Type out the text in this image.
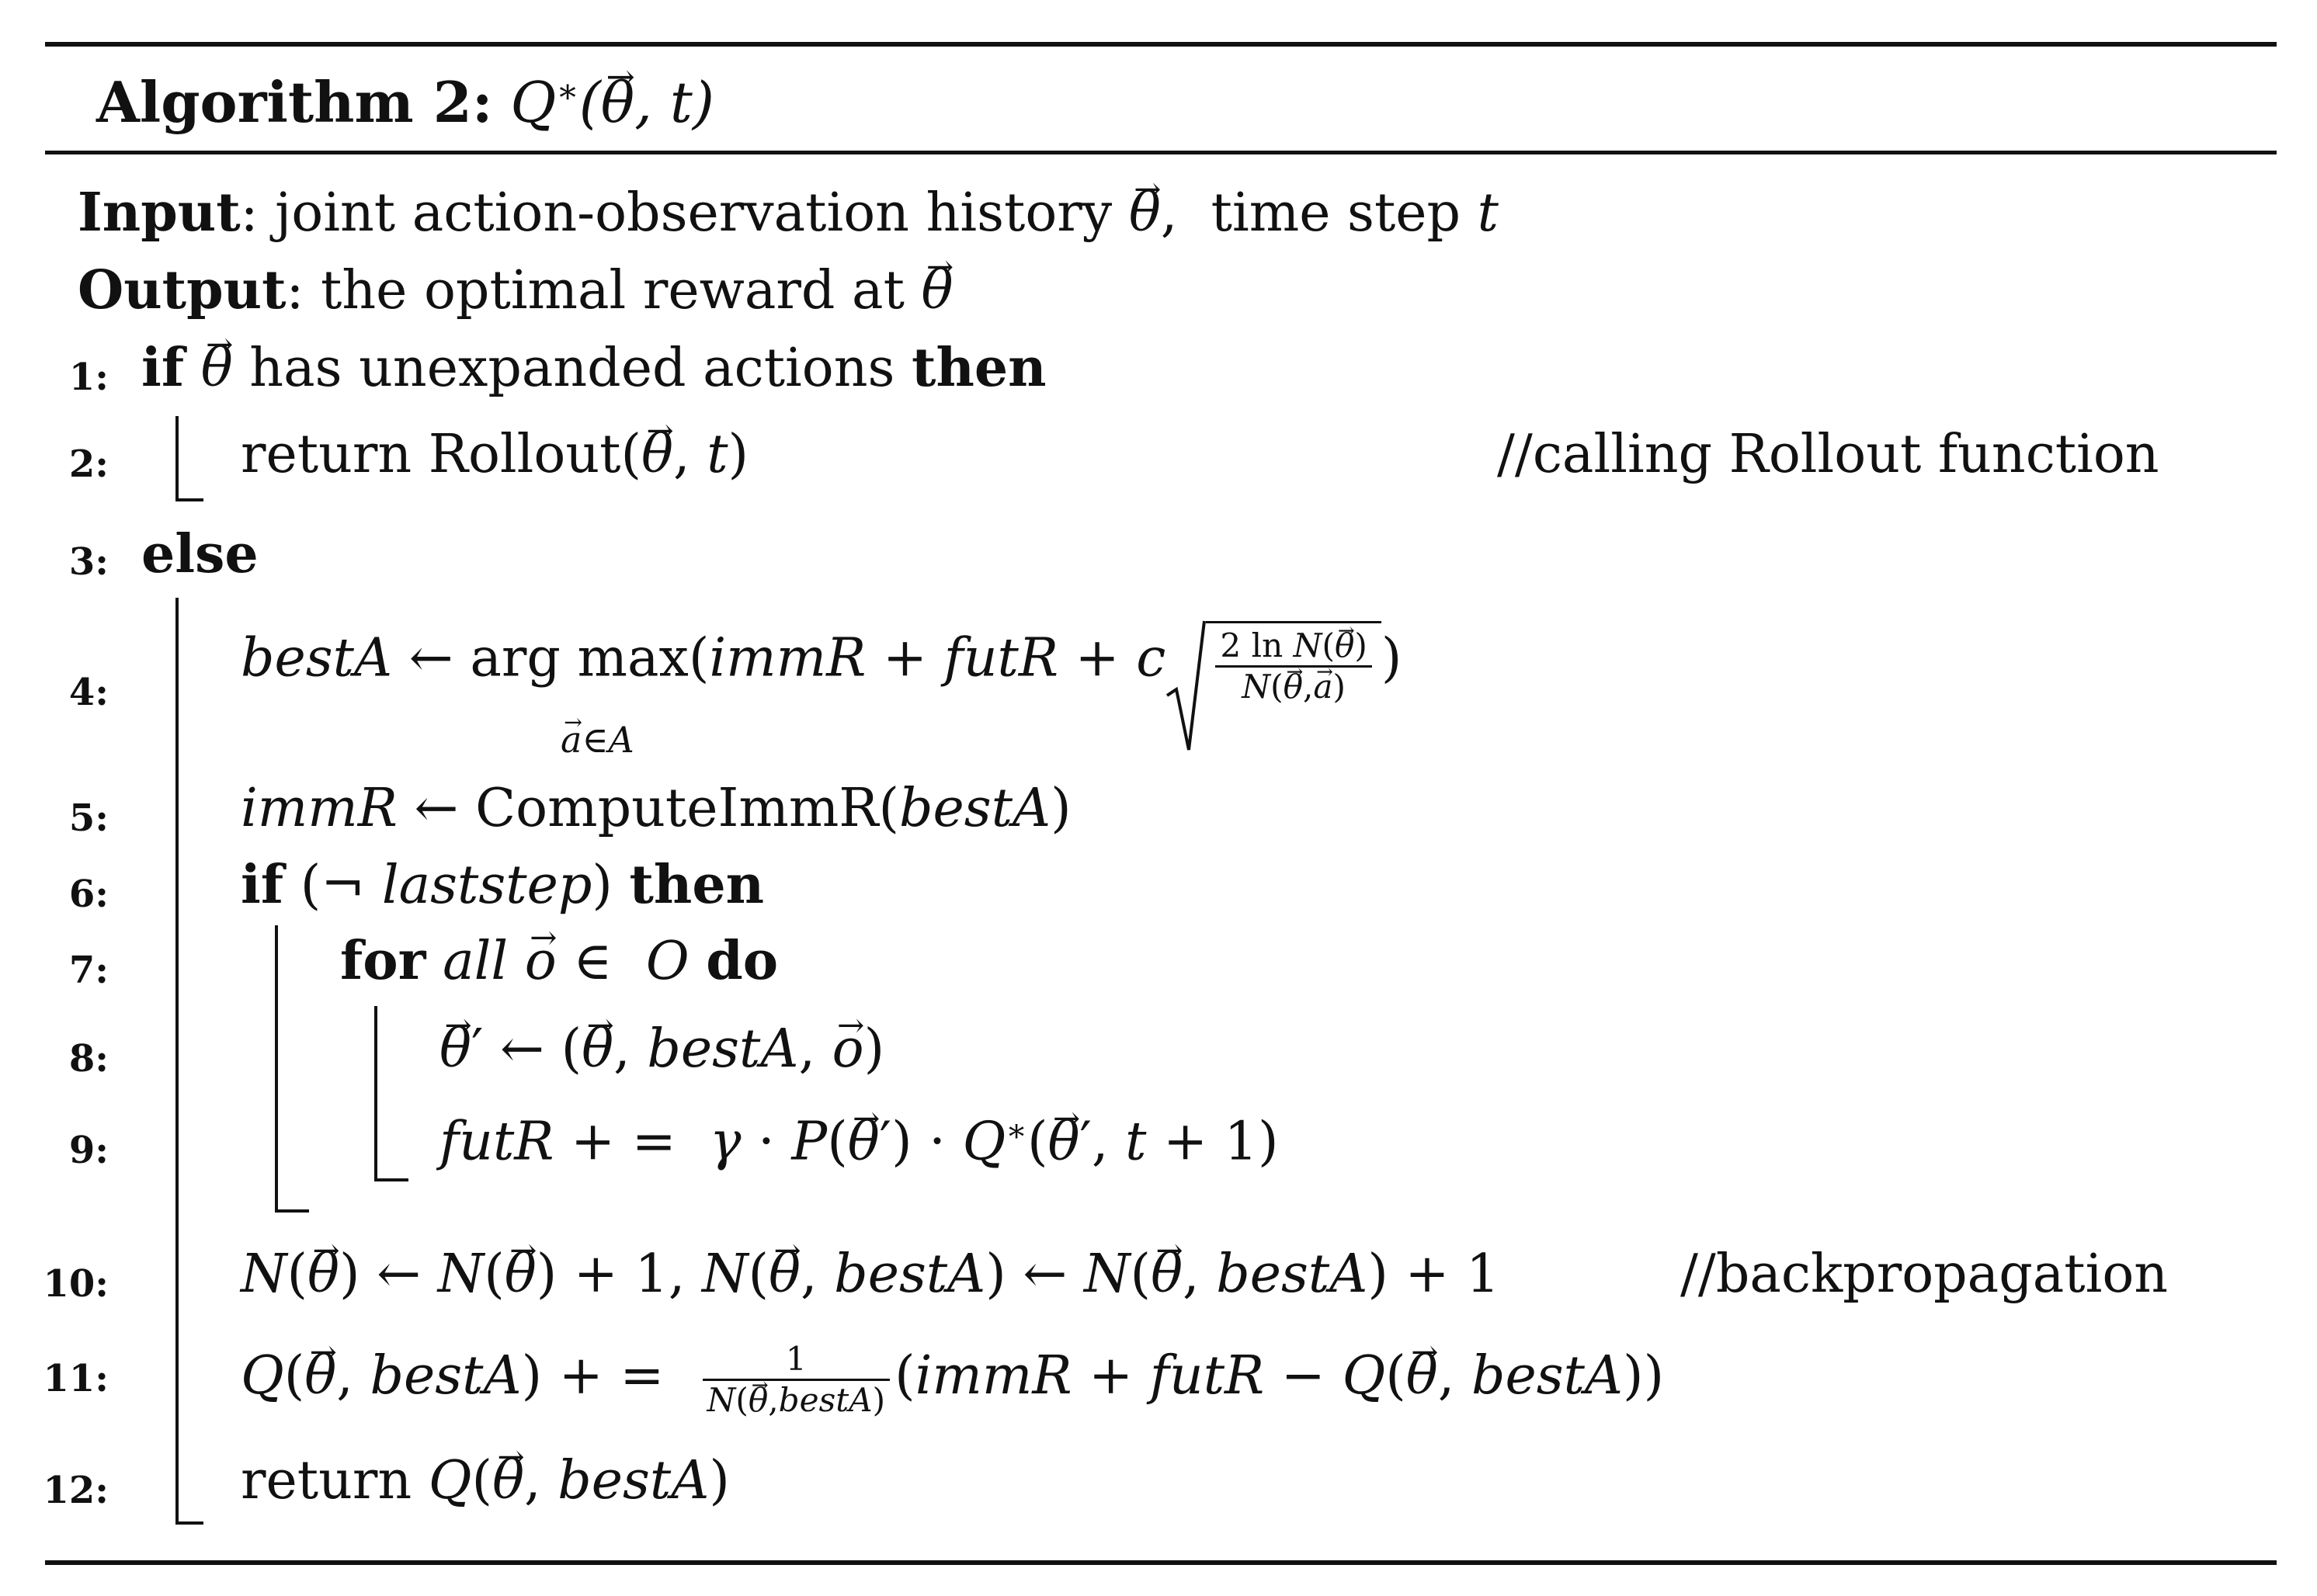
Algorithm 2: Q∗(→ θ, t)
Input: joint action-observation history → θ,  time step t
Output: the optimal reward at → θ
1:
2:
3:
4:
5:
6:
7:
8:
9:
10:
11:
12:
if → θ has unexpanded actions then
return Rollout(→ θ, t)	//calling Rollout function
else
bestA ← arg max(immR + futR + c $\frac{\text{2 ln N(→ θ)}}{N(\to \theta,\to a)}$ )
→ a∈A
immR ← ComputeImmR(bestA)
if (¬ laststep) then
for all → o ∈  O do
→ θ′ ← (→ θ, bestA, → o)
futR + =  γ · P(→ θ′) · Q∗(→ θ′, t + 1)
N(→ θ) ← N(→ θ) + 1, N(→ θ, bestA) ← N(→ θ, bestA) + 1	//backpropagation
Q(→ θ, bestA) + = $\frac{1}{\text{N(→ θ,bestA)}}$ (immR + futR − Q(→ θ, bestA))
return Q(→ θ, bestA)
